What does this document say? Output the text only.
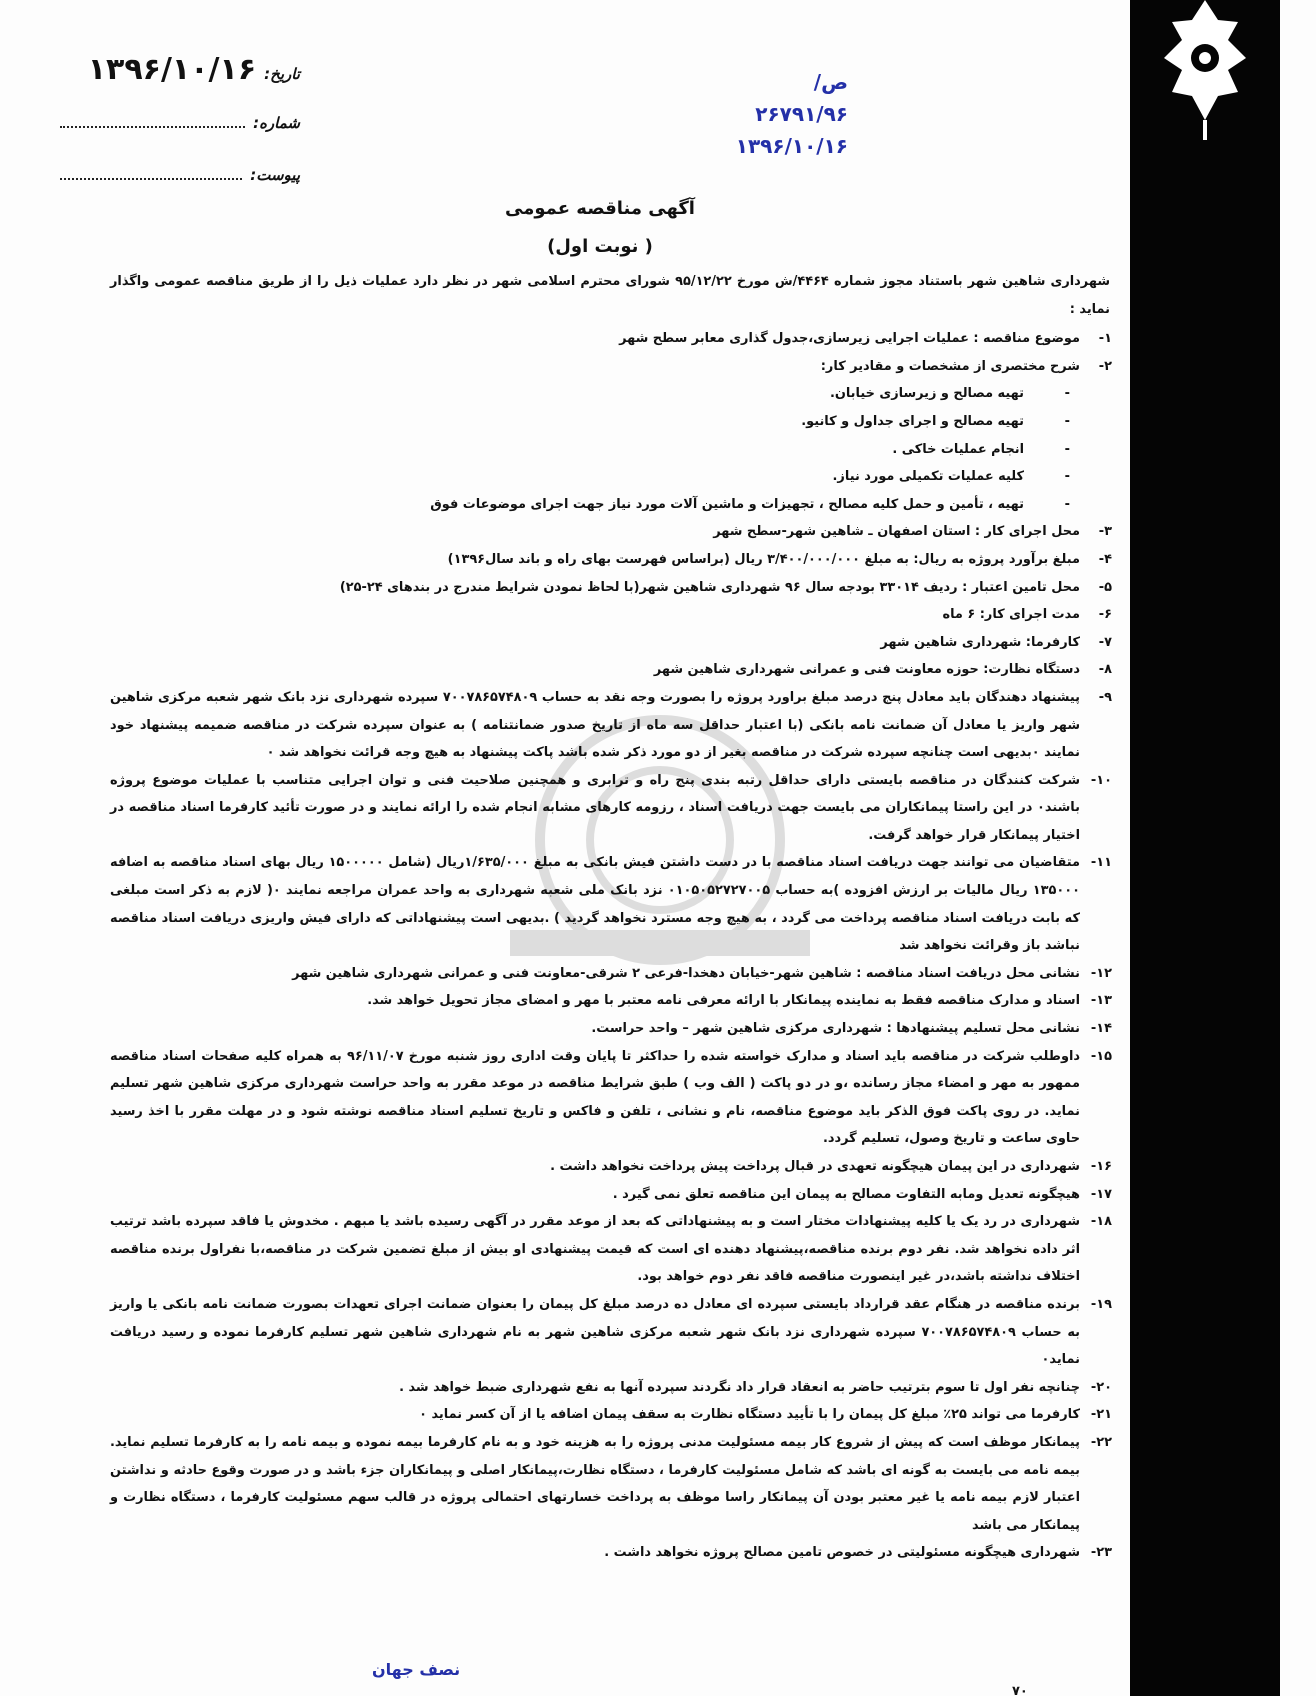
تاریخ:
۱۳۹۶/۱۰/۱۶
شماره:
پیوست:
ص/ ۲۶۷۹۱/۹۶
۱۳۹۶/۱۰/۱۶
آگهی مناقصه عمومی
( نوبت اول)

شهرداری شاهین شهر باستناد مجوز شماره ۴۴۶۴/ش مورخ ۹۵/۱۲/۲۲ شورای محترم اسلامی شهر در نظر دارد عملیات ذیل را از طریق مناقصه عمومی واگذار نماید :

۱-
موضوع مناقصه : عملیات اجرایی زیرسازی،جدول گذاری معابر سطح شهر
۲-
شرح مختصری از مشخصات و مقادیر کار:
-
تهیه مصالح و زیرسازی خیابان.
-
تهیه مصالح و اجرای جداول و کانیو.
-
انجام عملیات خاکی .
-
کلیه عملیات تکمیلی مورد نیاز.
-
تهیه ، تأمین و حمل کلیه مصالح ، تجهیزات و ماشین آلات مورد نیاز جهت اجرای موضوعات فوق
۳-
محل اجرای کار : استان اصفهان ـ شاهین شهر-سطح شهر
۴-
مبلغ برآورد پروژه به ریال: به مبلغ ۳/۴۰۰/۰۰۰/۰۰۰ ریال (براساس فهرست بهای راه و باند سال۱۳۹۶)
۵-
محل تامین اعتبار : ردیف ۳۳۰۱۴ بودجه سال ۹۶ شهرداری شاهین شهر(با لحاظ نمودن شرایط مندرج در بندهای ۲۴-۲۵)
۶-
مدت اجرای کار: ۶ ماه
۷-
کارفرما: شهرداری شاهین شهر
۸-
دستگاه نظارت: حوزه معاونت فنی و عمرانی شهرداری شاهین شهر
۹-
پیشنهاد دهندگان باید معادل پنج درصد مبلغ براورد پروژه را بصورت وجه نقد به حساب ۷۰۰۷۸۶۵۷۴۸۰۹ سپرده شهرداری نزد بانک شهر شعبه مرکزی شاهین شهر واریز یا معادل آن ضمانت نامه بانکی (با اعتبار حداقل سه ماه از تاریخ صدور ضمانتنامه ) به عنوان سپرده شرکت در مناقصه ضمیمه پیشنهاد خود نمایند ٠بدیهی است چنانچه سپرده شرکت در مناقصه بغیر از دو مورد ذکر شده باشد پاکت پیشنهاد به هیچ وجه قرائت نخواهد شد ٠
۱۰-
شرکت کنندگان در مناقصه بایستی دارای حداقل رتبه بندی پنج راه و ترابری و همچنین صلاحیت فنی و توان اجرایی متناسب با عملیات موضوع پروژه باشند٠ در این راستا پیمانکاران می بایست جهت دریافت اسناد ، رزومه کارهای مشابه انجام شده را ارائه نمایند و در صورت تأئید کارفرما اسناد مناقصه در اختیار پیمانکار قرار خواهد گرفت.
۱۱-
متقاضیان می توانند جهت دریافت اسناد مناقصه با در دست داشتن فیش بانکی به مبلغ ۱/۶۳۵/۰۰۰ریال (شامل ۱۵۰۰۰۰۰ ریال بهای اسناد مناقصه به اضافه ۱۳۵۰۰۰ ریال مالیات بر ارزش افزوده )به حساب ۰۱۰۵۰۵۲۷۲۷۰۰۵ نزد بانک ملی شعبه شهرداری به واحد عمران مراجعه نمایند ٠( لازم به ذکر است مبلغی که بابت دریافت اسناد مناقصه پرداخت می گردد ، به هیچ وجه مسترد نخواهد گردید ) .بدیهی است پیشنهاداتی که دارای فیش واریزی دریافت اسناد مناقصه نباشد باز وقرائت نخواهد شد
۱۲-
نشانی محل دریافت اسناد مناقصه : شاهین شهر-خیابان دهخدا-فرعی ۲ شرقی-معاونت فنی و عمرانی شهرداری شاهین شهر
۱۳-
اسناد و مدارک مناقصه فقط به نماینده پیمانکار با ارائه معرفی نامه معتبر با مهر و امضای مجاز تحویل خواهد شد.
۱۴-
نشانی محل تسلیم پیشنهادها : شهرداری مرکزی شاهین شهر – واحد حراست.
۱۵-
داوطلب شرکت در مناقصه باید اسناد و مدارک خواسته شده را حداکثر تا پایان وقت اداری روز شنبه مورخ ۹۶/۱۱/۰۷ به همراه کلیه صفحات اسناد مناقصه ممهور به مهر و امضاء مجاز رسانده ،و در دو پاکت ( الف وب ) طبق شرایط مناقصه در موعد مقرر به واحد حراست شهرداری مرکزی شاهین شهر تسلیم نماید. در روی پاکت فوق الذکر باید موضوع مناقصه، نام و نشانی ، تلفن و فاکس و تاریخ تسلیم اسناد مناقصه نوشته شود و در مهلت مقرر با اخذ رسید حاوی ساعت و تاریخ وصول، تسلیم گردد.
۱۶-
شهرداری در این پیمان هیچگونه تعهدی در قبال پرداخت پیش پرداخت نخواهد داشت .
۱۷-
هیچگونه تعدیل ومابه التفاوت مصالح به پیمان این مناقصه تعلق نمی گیرد .
۱۸-
شهرداری در رد یک یا کلیه پیشنهادات مختار است و به پیشنهاداتی که بعد از موعد مقرر در آگهی رسیده باشد یا مبهم . مخدوش یا فاقد سپرده باشد ترتیب اثر داده نخواهد شد. نفر دوم برنده مناقصه،پیشنهاد دهنده ای است که قیمت پیشنهادی او بیش از مبلغ تضمین شرکت در مناقصه،با نفراول برنده مناقصه اختلاف نداشته باشد،در غیر اینصورت مناقصه فاقد نفر دوم خواهد بود.
۱۹-
برنده مناقصه در هنگام عقد قرارداد بایستی سپرده ای معادل ده درصد مبلغ کل پیمان را بعنوان ضمانت اجرای تعهدات بصورت ضمانت نامه بانکی یا واریز به حساب ۷۰۰۷۸۶۵۷۴۸۰۹ سپرده شهرداری نزد بانک شهر شعبه مرکزی شاهین شهر به نام شهرداری شاهین شهر تسلیم کارفرما نموده و رسید دریافت نماید٠
۲۰-
چنانچه نفر اول تا سوم بترتیب حاضر به انعقاد قرار داد نگردند سپرده آنها به نفع شهرداری ضبط خواهد شد .
۲۱-
کارفرما می تواند ۲۵٪ مبلغ کل پیمان را با تأیید دستگاه نظارت به سقف پیمان اضافه یا از آن کسر نماید ٠
۲۲-
پیمانکار موظف است که پیش از شروع کار بیمه مسئولیت مدنی پروژه را به هزینه خود و به نام کارفرما بیمه نموده و بیمه نامه را به کارفرما تسلیم نماید. بیمه نامه می بایست به گونه ای باشد که شامل مسئولیت کارفرما ، دستگاه نظارت،پیمانکار اصلی و پیمانکاران جزء باشد و در صورت وقوع حادثه و نداشتن اعتبار لازم بیمه نامه یا غیر معتبر بودن آن پیمانکار راسا موظف به پرداخت خسارتهای احتمالی پروژه در قالب سهم مسئولیت کارفرما ، دستگاه نظارت و پیمانکار می باشد
۲۳-
شهرداری هیچگونه مسئولیتی در خصوص تامین مصالح پروژه نخواهد داشت .
نصف جهان
۷۰
